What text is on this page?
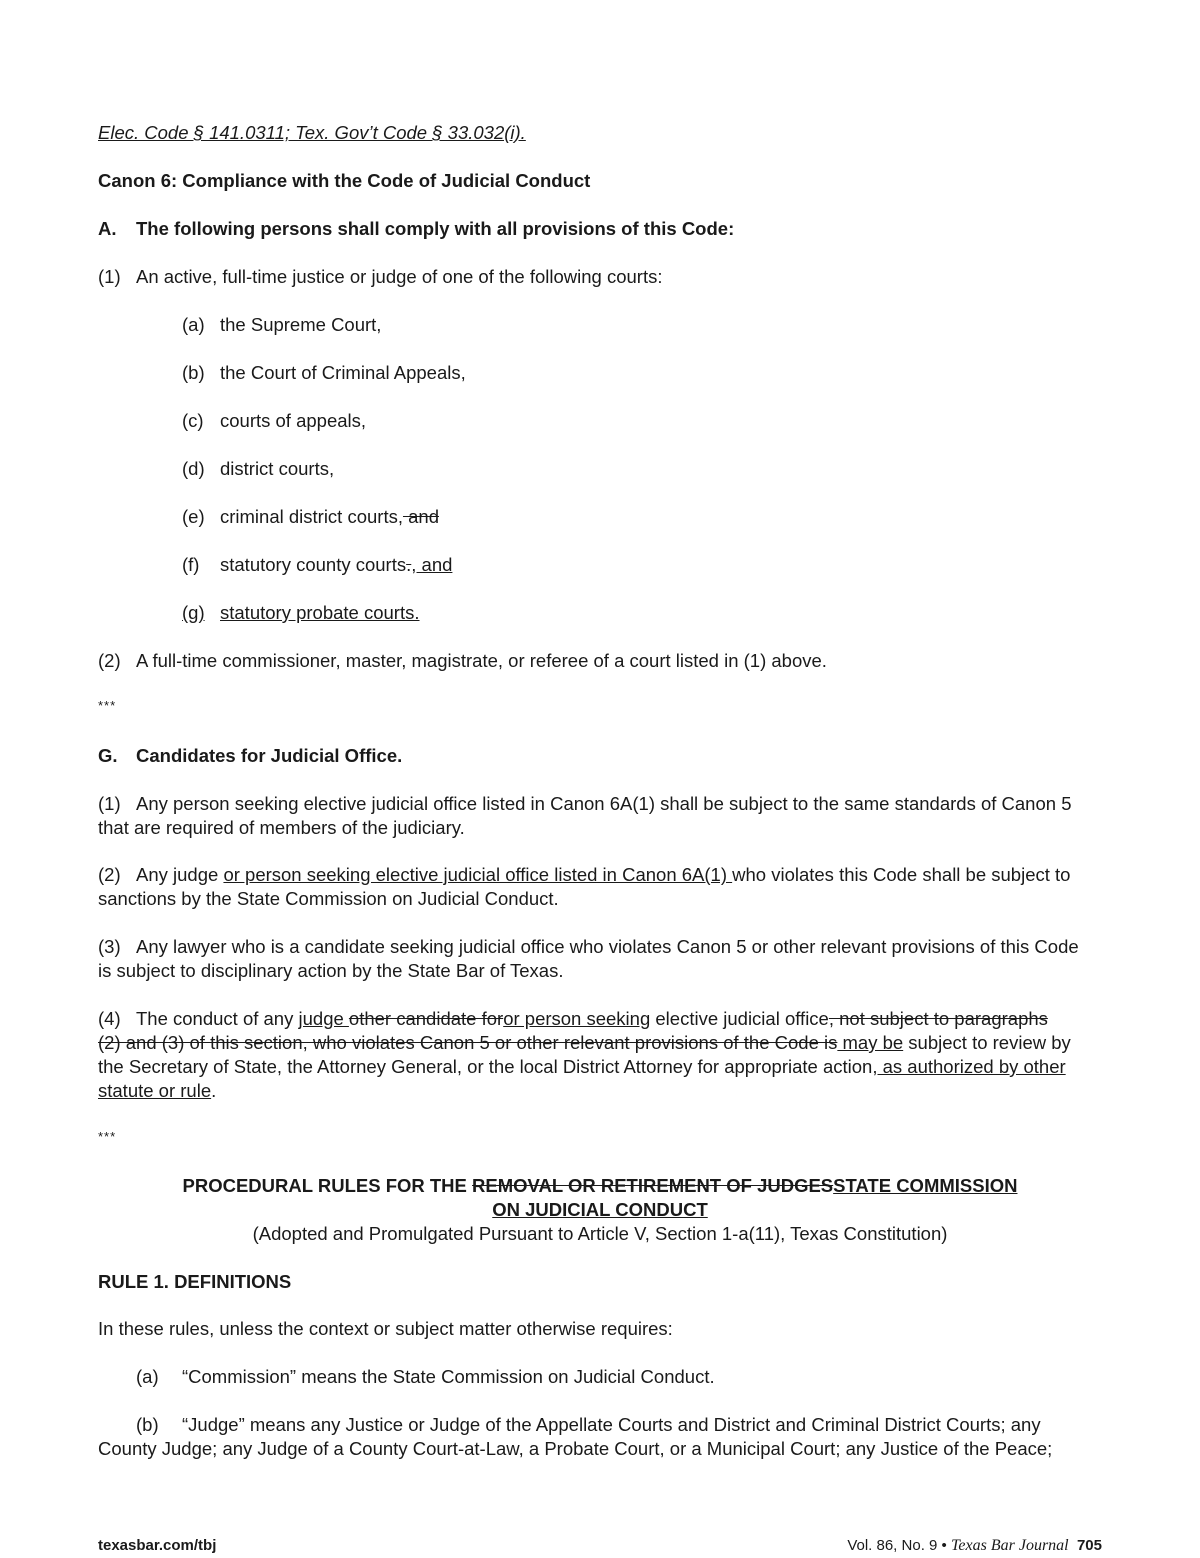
Elec. Code § 141.0311; Tex. Gov’t Code § 33.032(i).
Canon 6: Compliance with the Code of Judicial Conduct
A. The following persons shall comply with all provisions of this Code:
(1) An active, full-time justice or judge of one of the following courts:
(a) the Supreme Court,
(b) the Court of Criminal Appeals,
(c) courts of appeals,
(d) district courts,
(e) criminal district courts, and
(f) statutory county courts., and
(g) statutory probate courts.
(2) A full-time commissioner, master, magistrate, or referee of a court listed in (1) above.
***
G. Candidates for Judicial Office.
(1) Any person seeking elective judicial office listed in Canon 6A(1) shall be subject to the same standards of Canon 5
that are required of members of the judiciary.
(2) Any judge or person seeking elective judicial office listed in Canon 6A(1) who violates this Code shall be subject to
sanctions by the State Commission on Judicial Conduct.
(3) Any lawyer who is a candidate seeking judicial office who violates Canon 5 or other relevant provisions of this Code
is subject to disciplinary action by the State Bar of Texas.
(4) The conduct of any judge other candidate foror person seeking elective judicial office, not subject to paragraphs
(2) and (3) of this section, who violates Canon 5 or other relevant provisions of the Code is may be subject to review by
the Secretary of State, the Attorney General, or the local District Attorney for appropriate action, as authorized by other
statute or rule.
***
PROCEDURAL RULES FOR THE REMOVAL OR RETIREMENT OF JUDGESSTATE COMMISSION
ON JUDICIAL CONDUCT
(Adopted and Promulgated Pursuant to Article V, Section 1-a(11), Texas Constitution)
RULE 1. DEFINITIONS
In these rules, unless the context or subject matter otherwise requires:
(a) “Commission” means the State Commission on Judicial Conduct.
(b) “Judge” means any Justice or Judge of the Appellate Courts and District and Criminal District Courts; any
County Judge; any Judge of a County Court-at-Law, a Probate Court, or a Municipal Court; any Justice of the Peace;
texasbar.com/tbj	Vol. 86, No. 9 • Texas Bar Journal 705
